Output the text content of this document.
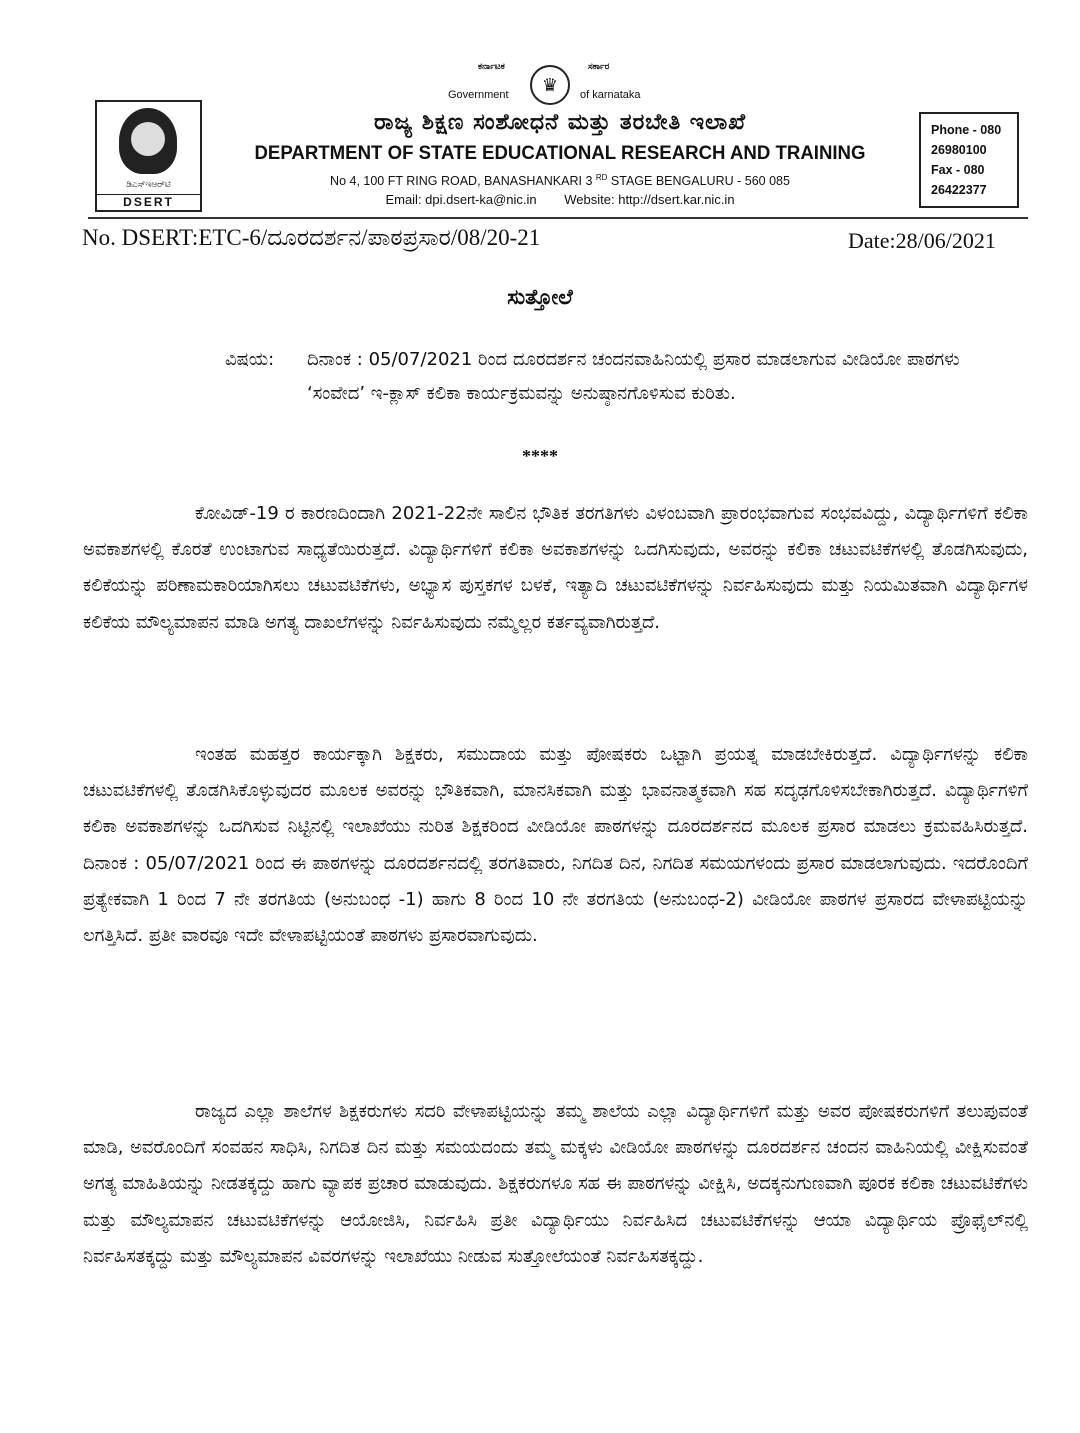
ಕರ್ನಾಟಕ	ಸರ್ಕಾರ
Government
♛
of karnataka
ಡಿಎಸ್ಇಆರ್‌ಟಿ
DSERT
ರಾಜ್ಯ ಶಿಕ್ಷಣ ಸಂಶೋಧನೆ ಮತ್ತು ತರಬೇತಿ ಇಲಾಖೆ
DEPARTMENT OF STATE EDUCATIONAL RESEARCH AND TRAINING
No 4, 100 FT RING ROAD, BANASHANKARI 3 $^{RD}$ STAGE BENGALURU - 560 085
Email: dpi.dsert-ka@nic.in Website: http://dsert.kar.nic.in
Phone - 080
26980100
Fax - 080
26422377
No. DSERT:ETC-6/ದೂರದರ್ಶನ/ಪಾಠಪ್ರಸಾರ/08/20-21	Date:28/06/2021
ಸುತ್ತೋಲೆ
ವಿಷಯ:	ದಿನಾಂಕ : 05/07/2021 ರಿಂದ ದೂರದರ್ಶನ ಚಂದನವಾಹಿನಿಯಲ್ಲಿ ಪ್ರಸಾರ ಮಾಡಲಾಗುವ ವೀಡಿಯೋ ಪಾಠಗಳು ‘ಸಂವೇದ’ ಇ-ಕ್ಲಾಸ್ ಕಲಿಕಾ ಕಾರ್ಯಕ್ರಮವನ್ನು ಅನುಷ್ಠಾನಗೊಳಿಸುವ ಕುರಿತು.
****

ಕೋವಿಡ್-19 ರ ಕಾರಣದಿಂದಾಗಿ 2021-22ನೇ ಸಾಲಿನ ಭೌತಿಕ ತರಗತಿಗಳು ವಿಳಂಬವಾಗಿ ಪ್ರಾರಂಭವಾಗುವ ಸಂಭವವಿದ್ದು, ವಿದ್ಯಾರ್ಥಿಗಳಿಗೆ ಕಲಿಕಾ ಅವಕಾಶಗಳಲ್ಲಿ ಕೊರತೆ ಉಂಟಾಗುವ ಸಾಧ್ಯತೆಯಿರುತ್ತದೆ. ವಿದ್ಯಾರ್ಥಿಗಳಿಗೆ ಕಲಿಕಾ ಅವಕಾಶಗಳನ್ನು ಒದಗಿಸುವುದು, ಅವರನ್ನು ಕಲಿಕಾ ಚಟುವಟಿಕೆಗಳಲ್ಲಿ ತೊಡಗಿಸುವುದು, ಕಲಿಕೆಯನ್ನು ಪರಿಣಾಮಕಾರಿಯಾಗಿಸಲು ಚಟುವಟಿಕೆಗಳು, ಅಭ್ಯಾಸ ಪುಸ್ತಕಗಳ ಬಳಕೆ, ಇತ್ಯಾದಿ ಚಟುವಟಿಕೆಗಳನ್ನು ನಿರ್ವಹಿಸುವುದು ಮತ್ತು ನಿಯಮಿತವಾಗಿ ವಿದ್ಯಾರ್ಥಿಗಳ ಕಲಿಕೆಯ ಮೌಲ್ಯಮಾಪನ ಮಾಡಿ ಅಗತ್ಯ ದಾಖಲೆಗಳನ್ನು ನಿರ್ವಹಿಸುವುದು ನಮ್ಮೆಲ್ಲರ ಕರ್ತವ್ಯವಾಗಿರುತ್ತದೆ.

ಇಂತಹ ಮಹತ್ತರ ಕಾರ್ಯಕ್ಕಾಗಿ ಶಿಕ್ಷಕರು, ಸಮುದಾಯ ಮತ್ತು ಪೋಷಕರು ಒಟ್ಟಾಗಿ ಪ್ರಯತ್ನ ಮಾಡಬೇಕಿರುತ್ತದೆ. ವಿದ್ಯಾರ್ಥಿಗಳನ್ನು ಕಲಿಕಾ ಚಟುವಟಿಕೆಗಳಲ್ಲಿ ತೊಡಗಿಸಿಕೊಳ್ಳುವುದರ ಮೂಲಕ ಅವರನ್ನು ಭೌತಿಕವಾಗಿ, ಮಾನಸಿಕವಾಗಿ ಮತ್ತು ಭಾವನಾತ್ಮಕವಾಗಿ ಸಹ ಸದೃಢಗೊಳಿಸಬೇಕಾಗಿರುತ್ತದೆ. ವಿದ್ಯಾರ್ಥಿಗಳಿಗೆ ಕಲಿಕಾ ಅವಕಾಶಗಳನ್ನು ಒದಗಿಸುವ ನಿಟ್ಟಿನಲ್ಲಿ ಇಲಾಖೆಯು ನುರಿತ ಶಿಕ್ಷಕರಿಂದ ವೀಡಿಯೋ ಪಾಠಗಳನ್ನು ದೂರದರ್ಶನದ ಮೂಲಕ ಪ್ರಸಾರ ಮಾಡಲು ಕ್ರಮವಹಿಸಿರುತ್ತದೆ. ದಿನಾಂಕ : 05/07/2021 ರಿಂದ ಈ ಪಾಠಗಳನ್ನು ದೂರದರ್ಶನದಲ್ಲಿ ತರಗತಿವಾರು, ನಿಗದಿತ ದಿನ, ನಿಗದಿತ ಸಮಯಗಳಂದು ಪ್ರಸಾರ ಮಾಡಲಾಗುವುದು. ಇದರೊಂದಿಗೆ ಪ್ರತ್ಯೇಕವಾಗಿ 1 ರಿಂದ 7 ನೇ ತರಗತಿಯ (ಅನುಬಂಧ -1) ಹಾಗು 8 ರಿಂದ 10 ನೇ ತರಗತಿಯ (ಅನುಬಂಧ-2) ವೀಡಿಯೋ ಪಾಠಗಳ ಪ್ರಸಾರದ ವೇಳಾಪಟ್ಟಿಯನ್ನು ಲಗತ್ತಿಸಿದೆ. ಪ್ರತೀ ವಾರವೂ ಇದೇ ವೇಳಾಪಟ್ಟಿಯಂತೆ ಪಾಠಗಳು ಪ್ರಸಾರವಾಗುವುದು.

ರಾಜ್ಯದ ಎಲ್ಲಾ ಶಾಲೆಗಳ ಶಿಕ್ಷಕರುಗಳು ಸದರಿ ವೇಳಾಪಟ್ಟಿಯನ್ನು ತಮ್ಮ ಶಾಲೆಯ ಎಲ್ಲಾ ವಿದ್ಯಾರ್ಥಿಗಳಿಗೆ ಮತ್ತು ಅವರ ಪೋಷಕರುಗಳಿಗೆ ತಲುಪುವಂತೆ ಮಾಡಿ, ಅವರೊಂದಿಗೆ ಸಂವಹನ ಸಾಧಿಸಿ, ನಿಗದಿತ ದಿನ ಮತ್ತು ಸಮಯದಂದು ತಮ್ಮ ಮಕ್ಕಳು ವೀಡಿಯೋ ಪಾಠಗಳನ್ನು ದೂರದರ್ಶನ ಚಂದನ ವಾಹಿನಿಯಲ್ಲಿ ವೀಕ್ಷಿಸುವಂತೆ ಅಗತ್ಯ ಮಾಹಿತಿಯನ್ನು ನೀಡತಕ್ಕದ್ದು ಹಾಗು ವ್ಯಾಪಕ ಪ್ರಚಾರ ಮಾಡುವುದು. ಶಿಕ್ಷಕರುಗಳೂ ಸಹ ಈ ಪಾಠಗಳನ್ನು ವೀಕ್ಷಿಸಿ, ಅದಕ್ಕನುಗುಣವಾಗಿ ಪೂರಕ ಕಲಿಕಾ ಚಟುವಟಿಕೆಗಳು ಮತ್ತು ಮೌಲ್ಯಮಾಪನ ಚಟುವಟಿಕೆಗಳನ್ನು ಆಯೋಜಿಸಿ, ನಿರ್ವಹಿಸಿ ಪ್ರತೀ ವಿದ್ಯಾರ್ಥಿಯು ನಿರ್ವಹಿಸಿದ ಚಟುವಟಿಕೆಗಳನ್ನು ಆಯಾ ವಿದ್ಯಾರ್ಥಿಯ ಪ್ರೊಫೈಲ್‌ನಲ್ಲಿ ನಿರ್ವಹಿಸತಕ್ಕದ್ದು ಮತ್ತು ಮೌಲ್ಯಮಾಪನ ವಿವರಗಳನ್ನು ಇಲಾಖೆಯು ನೀಡುವ ಸುತ್ತೋಲೆಯಂತೆ ನಿರ್ವಹಿಸತಕ್ಕದ್ದು.
